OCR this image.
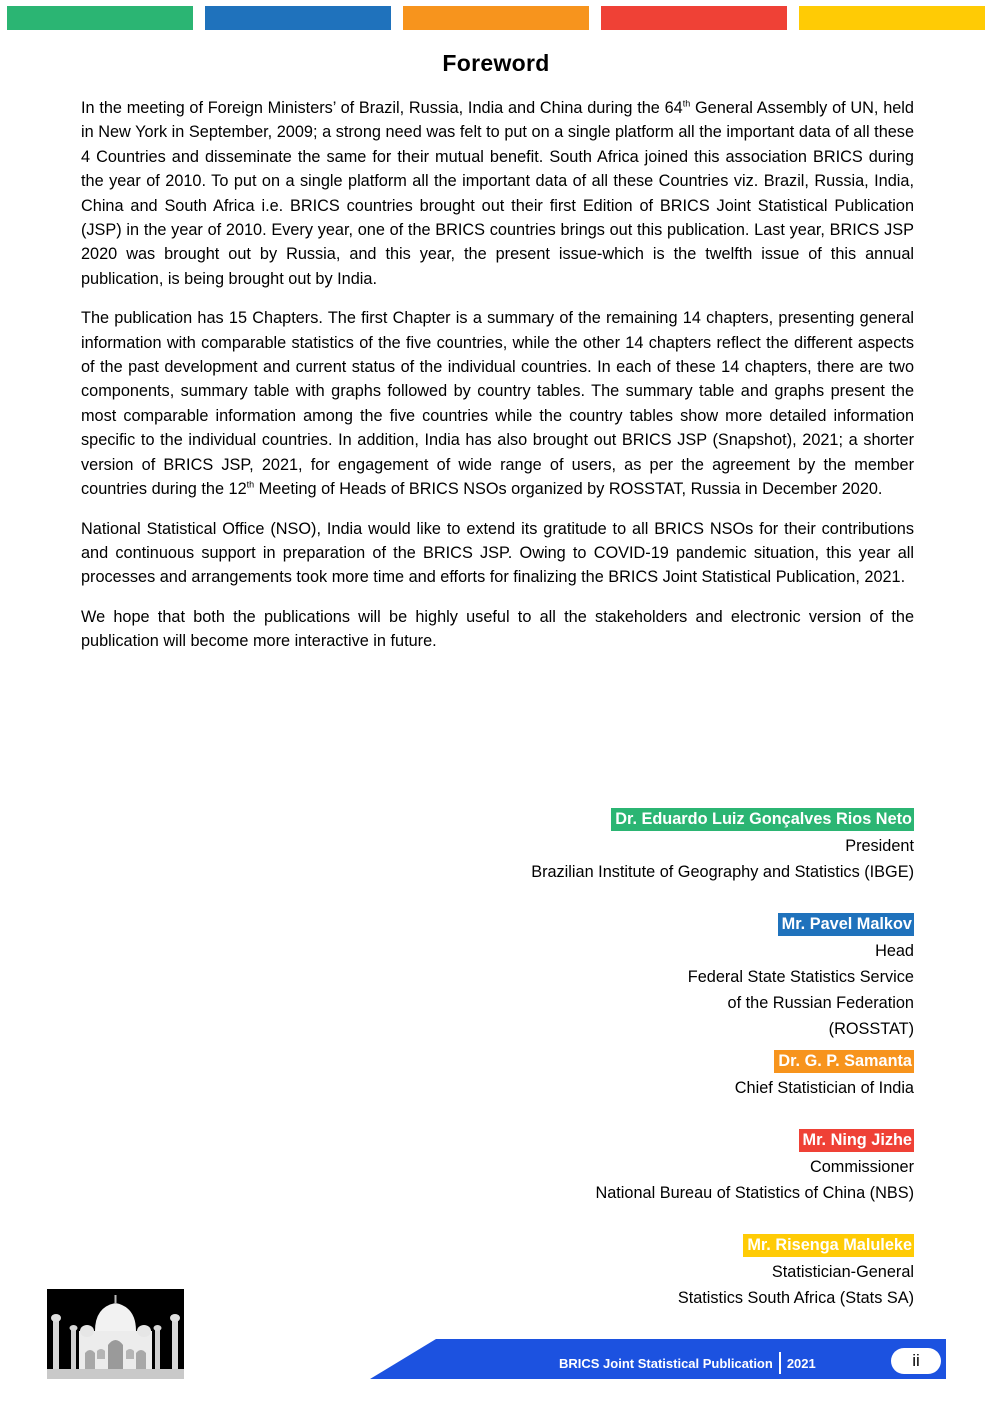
Foreword

In the meeting of Foreign Ministers’ of Brazil, Russia, India and China during the 64th General Assembly of UN, held in New York in September, 2009; a strong need was felt to put on a single platform all the important data of all these 4 Countries and disseminate the same for their mutual benefit. South Africa joined this association BRICS during the year of 2010. To put on a single platform all the important data of all these Countries viz. Brazil, Russia, India, China and South Africa i.e. BRICS countries brought out their first Edition of BRICS Joint Statistical Publication (JSP) in the year of 2010. Every year, one of the BRICS countries brings out this publication. Last year, BRICS JSP 2020 was brought out by Russia, and this year, the present issue-which is the twelfth issue of this annual publication, is being brought out by India.

The publication has 15 Chapters. The first Chapter is a summary of the remaining 14 chapters, presenting general information with comparable statistics of the five countries, while the other 14 chapters reflect the different aspects of the past development and current status of the individual countries. In each of these 14 chapters, there are two components, summary table with graphs followed by country tables. The summary table and graphs present the most comparable information among the five countries while the country tables show more detailed information specific to the individual countries. In addition, India has also brought out BRICS JSP (Snapshot), 2021; a shorter version of BRICS JSP, 2021, for engagement of wide range of users, as per the agreement by the member countries during the 12th Meeting of Heads of BRICS NSOs organized by ROSSTAT, Russia in December 2020.

National Statistical Office (NSO), India would like to extend its gratitude to all BRICS NSOs for their contributions and continuous support in preparation of the BRICS JSP. Owing to COVID-19 pandemic situation, this year all processes and arrangements took more time and efforts for finalizing the BRICS Joint Statistical Publication, 2021.

We hope that both the publications will be highly useful to all the stakeholders and electronic version of the publication will become more interactive in future.

Dr. Eduardo Luiz Gonçalves Rios Neto
President
Brazilian Institute of Geography and Statistics (IBGE)
Mr. Pavel Malkov
Head
Federal State Statistics Service
of the Russian Federation
(ROSSTAT)
Dr. G. P. Samanta
Chief Statistician of India
Mr. Ning Jizhe
Commissioner
National Bureau of Statistics of China (NBS)
Mr. Risenga Maluleke
Statistician-General
Statistics South Africa (Stats SA)
BRICS Joint Statistical Publication 2021	ii
